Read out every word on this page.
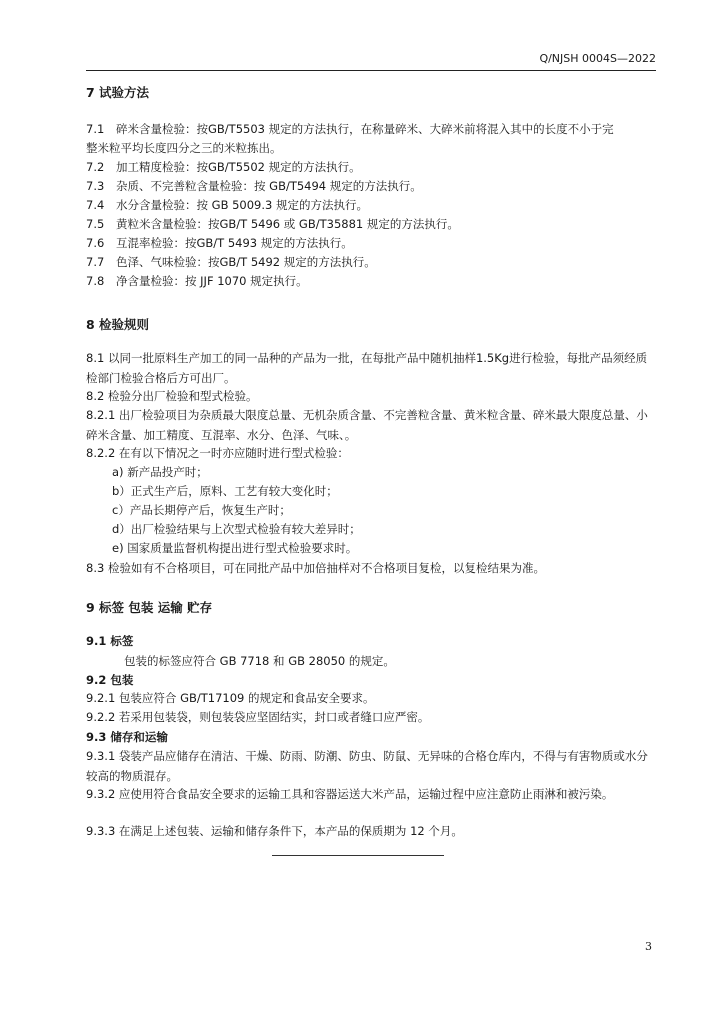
Q/NJSH 0004S—2022
7 试验方法
7.1 碎米含量检验：按GB/T5503 规定的方法执行，在称量碎米、大碎米前将混入其中的长度不小于完
整米粒平均长度四分之三的米粒拣出。
7.2 加工精度检验：按GB/T5502 规定的方法执行。
7.3 杂质、不完善粒含量检验：按 GB/T5494 规定的方法执行。
7.4 水分含量检验：按 GB 5009.3 规定的方法执行。
7.5 黄粒米含量检验：按GB/T 5496 或 GB/T35881 规定的方法执行。
7.6 互混率检验：按GB/T 5493 规定的方法执行。
7.7 色泽、气味检验：按GB/T 5492 规定的方法执行。
7.8 净含量检验：按 JJF 1070 规定执行。
8 检验规则
8.1 以同一批原料生产加工的同一品种的产品为一批，在每批产品中随机抽样1.5Kg进行检验，每批产品须经质检部门检验合格后方可出厂。
8.2 检验分出厂检验和型式检验。
8.2.1 出厂检验项目为杂质最大限度总量、无机杂质含量、不完善粒含量、黄米粒含量、碎米最大限度总量、小碎米含量、加工精度、互混率、水分、色泽、气味、。
8.2.2 在有以下情况之一时亦应随时进行型式检验：
a) 新产品投产时；
b）正式生产后，原料、工艺有较大变化时；
c）产品长期停产后，恢复生产时；
d）出厂检验结果与上次型式检验有较大差异时；
e) 国家质量监督机构提出进行型式检验要求时。
8.3 检验如有不合格项目，可在同批产品中加倍抽样对不合格项目复检，以复检结果为准。
9 标签 包装 运输 贮存
9.1 标签
包装的标签应符合 GB 7718 和 GB 28050 的规定。
9.2 包装
9.2.1 包装应符合 GB/T17109 的规定和食品安全要求。
9.2.2 若采用包装袋，则包装袋应坚固结实，封口或者缝口应严密。
9.3 储存和运输
9.3.1 袋装产品应储存在清洁、干燥、防雨、防潮、防虫、防鼠、无异味的合格仓库内，不得与有害物质或水分较高的物质混存。
9.3.2 应使用符合食品安全要求的运输工具和容器运送大米产品，运输过程中应注意防止雨淋和被污染。
9.3.3 在满足上述包装、运输和储存条件下，本产品的保质期为 12 个月。
3
